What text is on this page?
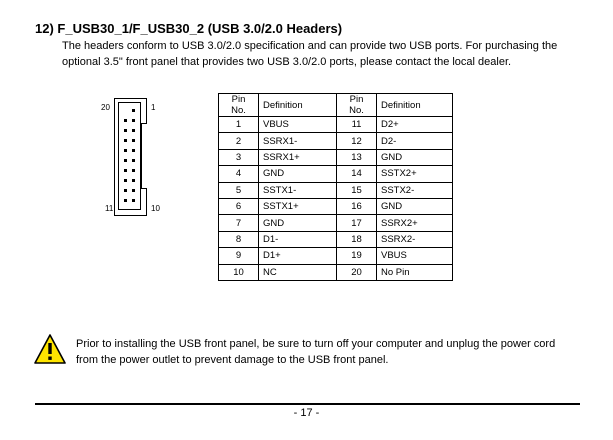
12) F_USB30_1/F_USB30_2 (USB 3.0/2.0 Headers)
The headers conform to USB 3.0/2.0 specification and can provide two USB ports. For purchasing the
optional 3.5" front panel that provides two USB 3.0/2.0 ports, please contact the local dealer.
20	1
11	10
Pin No.	Definition	Pin No.	Definition
1	VBUS	11	D2+
2	SSRX1-	12	D2-
3	SSRX1+	13	GND
4	GND	14	SSTX2+
5	SSTX1-	15	SSTX2-
6	SSTX1+	16	GND
7	GND	17	SSRX2+
8	D1-	18	SSRX2-
9	D1+	19	VBUS
10	NC	20	No Pin
Prior to installing the USB front panel, be sure to turn off your computer and unplug the power cord
from the power outlet to prevent damage to the USB front panel.
- 17 -
